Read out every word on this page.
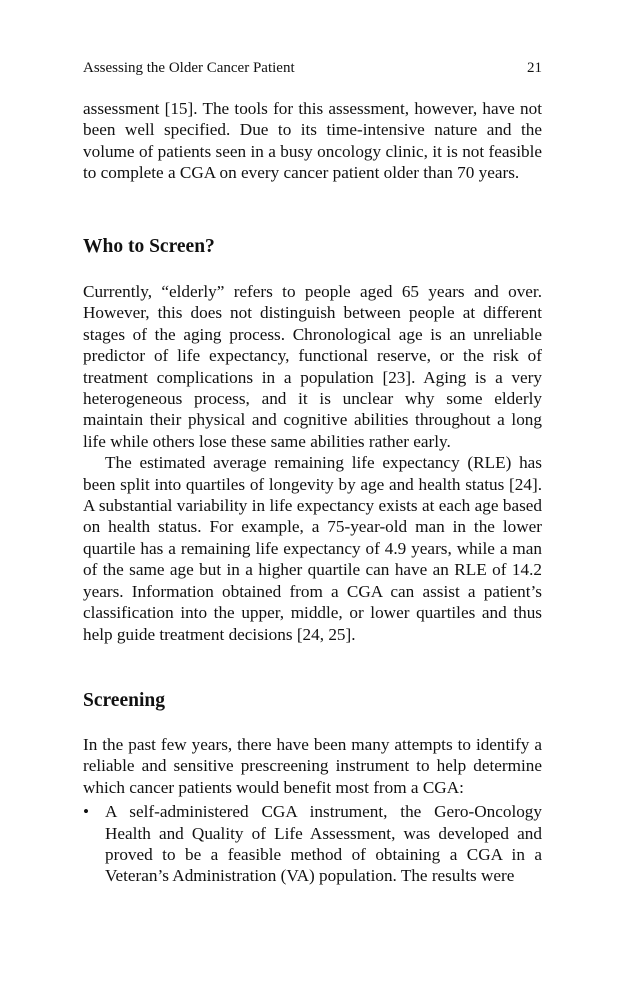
Assessing the Older Cancer Patient	21

assessment [15]. The tools for this assessment, however, have not been well specified. Due to its time-intensive nature and the volume of patients seen in a busy oncology clinic, it is not feasible to complete a CGA on every cancer patient older than 70 years.

Who to Screen?

Currently, “elderly” refers to people aged 65 years and over. However, this does not distinguish between people at different stages of the aging process. Chronological age is an unreliable predictor of life expectancy, functional reserve, or the risk of treatment complications in a population [23]. Aging is a very heterogeneous process, and it is unclear why some elderly maintain their physical and cognitive abilities throughout a long life while others lose these same abilities rather early.

The estimated average remaining life expectancy (RLE) has been split into quartiles of longevity by age and health status [24]. A substantial variability in life expectancy exists at each age based on health status. For example, a 75-year-old man in the lower quartile has a remaining life expectancy of 4.9 years, while a man of the same age but in a higher quartile can have an RLE of 14.2 years. Information obtained from a CGA can assist a patient’s classification into the upper, middle, or lower quartiles and thus help guide treatment decisions [24, 25].

Screening

In the past few years, there have been many attempts to identify a reliable and sensitive prescreening instrument to help determine which cancer patients would benefit most from a CGA:

• A self-administered CGA instrument, the Gero-Oncology Health and Quality of Life Assessment, was developed and proved to be a feasible method of obtaining a CGA in a Veteran’s Administration (VA) population. The results were
